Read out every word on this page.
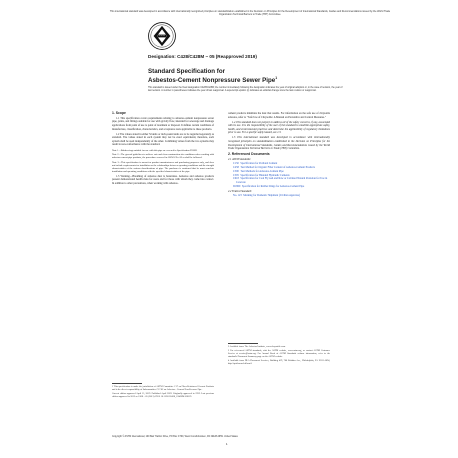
This international standard was developed in accordance with internationally recognized principles on standardization established in the Decision on Principles for the Development of International Standards, Guides and Recommendations issued by the World Trade Organization Technical Barriers to Trade (TBT) Committee.
Designation: C428/C428M − 05 (Reapproved 2019)
Standard Specification for
Asbestos-Cement Nonpressure Sewer Pipe$^1$
This standard is issued under the fixed designation C428/C428M; the number immediately following the designation indicates the year of original adoption or, in the case of revision, the year of last revision. A number in parentheses indicates the year of last reapproval. A superscript epsilon (ε) indicates an editorial change since the last revision or reapproval.
1. Scope

1.1 This specification covers requirements relating to asbestos-cement nonpressure sewer pipe, joints, and fittings suitable for use with gravity flow, intended for sewerage and drainage applications from point of use to point of treatment or disposal. It defines certain conditions of manufacture, classification, characteristics, and acceptance tests applicable to these products.

1.2 The values stated in either SI units or inch-pound units are to be regarded separately as standard. The values stated in each system may not be exact equivalents; therefore, each system shall be used independently of the other. Combining values from the two systems may result in non-conformance with the standard.

Note 1—Rubber-rings suitable for use with this pipe are covered in Specification D1869.

Note 2—The general guidelines to achieve safe and clean construction site conditions when working with asbestos-cement pipe products, the procedures covered in AWWA No. 66 or shall be followed.

Note 3—This specification is meant for product manufacturers and purchasing purposes only, and does not include requirements for installation or the relationships between operating conditions and the strength characteristics of the various classifications of pipe. The purchaser is cautioned that he must correlate installation and operating conditions with the specified characteristics of the pipe.

1.3 Warning—Breathing of asbestos dust is hazardous. Asbestos and asbestos products present demonstrated health risks for users and for those with whom they come into contact. In addition to other precautions, when working with asbestos-

cement products minimize the dust that results. For information on the safe use of chrysotile asbestos, refer to "Safe Use of Chrysotile: A Manual on Preventive and Control Measures."

1.4 This standard does not purport to address all of the safety concerns, if any, associated with its use. It is the responsibility of the user of this standard to establish appropriate safety, health, and environmental practices and determine the applicability of regulatory limitations prior to use. For a specific safety hazard, see 1.3.

1.5 This international standard was developed in accordance with internationally recognized principles on standardization established in the Decision on Principles for the Development of International Standards, Guides and Recommendations issued by the World Trade Organization Technical Barriers to Trade (TBT) Committee.

2. Referenced Documents
2.1 ASTM Standards:
C150 Specification for Portland Cement
C458 Test Method for Organic Fiber Content of Asbestos-Cement Products
C500 Test Methods for Asbestos-Cement Pipe
C595 Specification for Blended Hydraulic Cements
C618 Specification for Coal Fly Ash and Raw or Calcined Natural Pozzolan for Use in Concrete
D1869 Specification for Rubber Rings for Asbestos-Cement Pipe
2.2 Federal Standard:
No. 123 Marking for Domestic Shipment (Civilian Agencies)

1 This specification is under the jurisdiction of ASTM Committee C17 on Fiber-Reinforced Cement Products and is the direct responsibility of Subcommittee C17.02 on Asbestos - Cement Non-Pressure Pipe.

Current edition approved April 15, 2019. Published April 2019. Originally approved in 1959. Last previous edition approved in 2013 as C428 – 05 (2013). DOI: 10.1520/C0428_C0428M-05R19.

2 Available from: The Asbestos Institute, www.chrysotile.com.

3 For referenced ASTM standards, visit the ASTM website, www.astm.org, or contact ASTM Customer Service at service@astm.org. For Annual Book of ASTM Standards volume information, refer to the standard's Document Summary page on the ASTM website.

4 Available from DLA Document Services, Building 4/D, 700 Robbins Ave., Philadelphia, PA 19111-5094, http://quicksearch.dla.mil.

Copyright © ASTM International, 100 Barr Harbor Drive, PO Box C700, West Conshohocken, PA 19428-2959. United States
1
